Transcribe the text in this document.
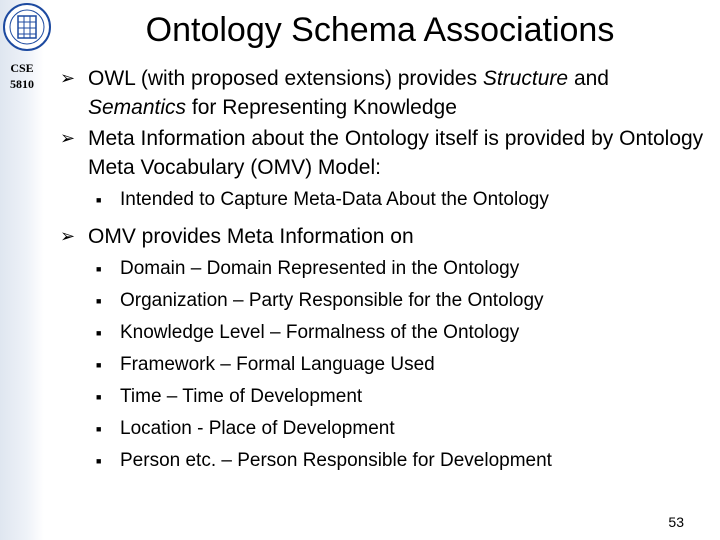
CSE
5810
Ontology Schema Associations
➢ OWL (with proposed extensions) provides Structure and Semantics for Representing Knowledge
➢ Meta Information about the Ontology itself is provided by Ontology Meta Vocabulary (OMV) Model:
■ Intended to Capture Meta-Data About the Ontology
➢ OMV provides Meta Information on
■ Domain – Domain Represented in the Ontology
■ Organization – Party Responsible for the Ontology
■ Knowledge Level – Formalness of the Ontology
■ Framework – Formal Language Used
■ Time – Time of Development
■ Location - Place of Development
■ Person etc. – Person Responsible for Development
53
